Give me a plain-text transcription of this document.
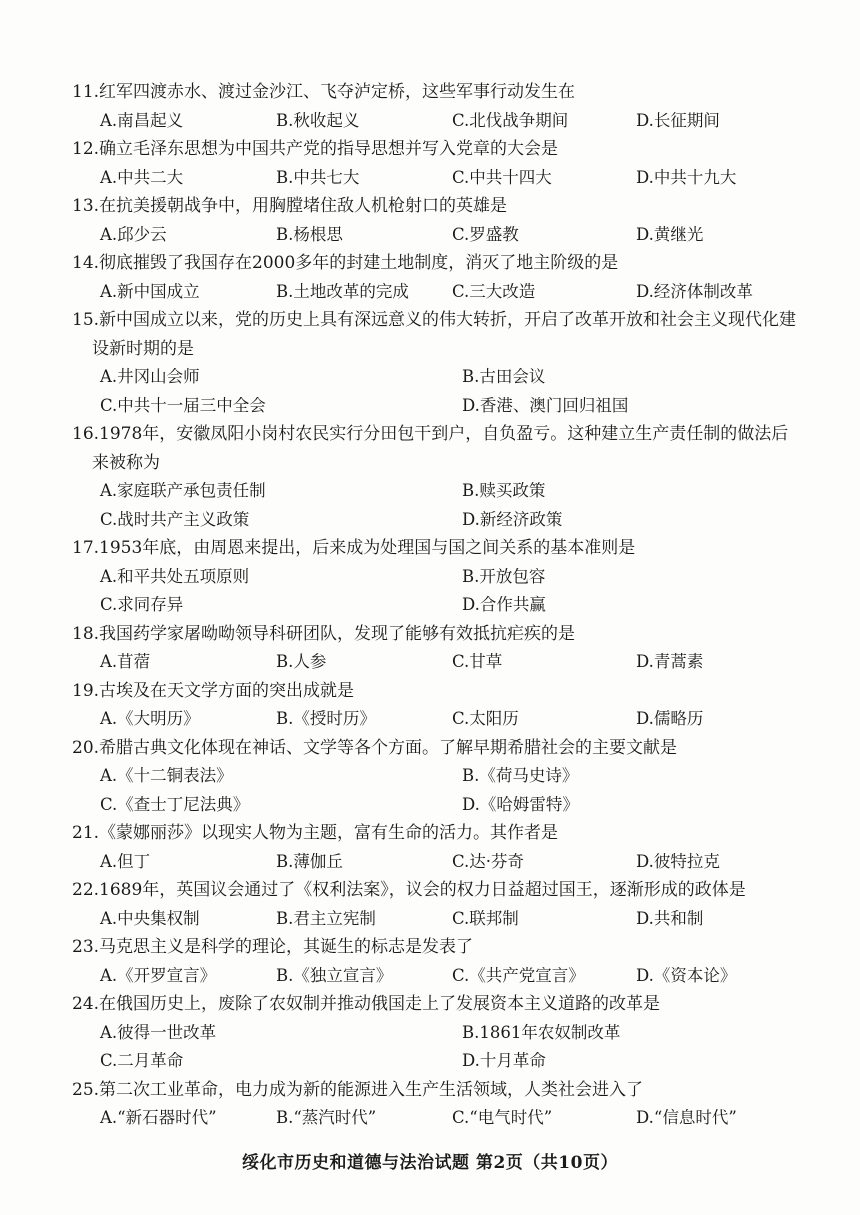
11.红军四渡赤水、渡过金沙江、飞夺泸定桥，这些军事行动发生在

A.南昌起义	B.秋收起义	C.北伐战争期间	D.长征期间

12.确立毛泽东思想为中国共产党的指导思想并写入党章的大会是

A.中共二大	B.中共七大	C.中共十四大	D.中共十九大

13.在抗美援朝战争中，用胸膛堵住敌人机枪射口的英雄是

A.邱少云	B.杨根思	C.罗盛教	D.黄继光

14.彻底摧毁了我国存在2000多年的封建土地制度，消灭了地主阶级的是

A.新中国成立	B.土地改革的完成	C.三大改造	D.经济体制改革

15.新中国成立以来，党的历史上具有深远意义的伟大转折，开启了改革开放和社会主义现代化建设新时期的是

A.井冈山会师	B.古田会议
C.中共十一届三中全会	D.香港、澳门回归祖国

16.1978年，安徽凤阳小岗村农民实行分田包干到户，自负盈亏。这种建立生产责任制的做法后来被称为

A.家庭联产承包责任制	B.赎买政策
C.战时共产主义政策	D.新经济政策

17.1953年底，由周恩来提出，后来成为处理国与国之间关系的基本准则是

A.和平共处五项原则	B.开放包容
C.求同存异	D.合作共赢

18.我国药学家屠呦呦领导科研团队，发现了能够有效抵抗疟疾的是

A.苜蓿	B.人参	C.甘草	D.青蒿素

19.古埃及在天文学方面的突出成就是

A.《大明历》	B.《授时历》	C.太阳历	D.儒略历

20.希腊古典文化体现在神话、文学等各个方面。了解早期希腊社会的主要文献是

A.《十二铜表法》	B.《荷马史诗》
C.《查士丁尼法典》	D.《哈姆雷特》

21.《蒙娜丽莎》以现实人物为主题，富有生命的活力。其作者是

A.但丁	B.薄伽丘	C.达·芬奇	D.彼特拉克

22.1689年，英国议会通过了《权利法案》，议会的权力日益超过国王，逐渐形成的政体是

A.中央集权制	B.君主立宪制	C.联邦制	D.共和制

23.马克思主义是科学的理论，其诞生的标志是发表了

A.《开罗宣言》	B.《独立宣言》	C.《共产党宣言》	D.《资本论》

24.在俄国历史上，废除了农奴制并推动俄国走上了发展资本主义道路的改革是

A.彼得一世改革	B.1861年农奴制改革
C.二月革命	D.十月革命

25.第二次工业革命，电力成为新的能源进入生产生活领域，人类社会进入了

A.“新石器时代”	B.“蒸汽时代”	C.“电气时代”	D.“信息时代”
绥化市历史和道德与法治试题 第2页（共10页）
